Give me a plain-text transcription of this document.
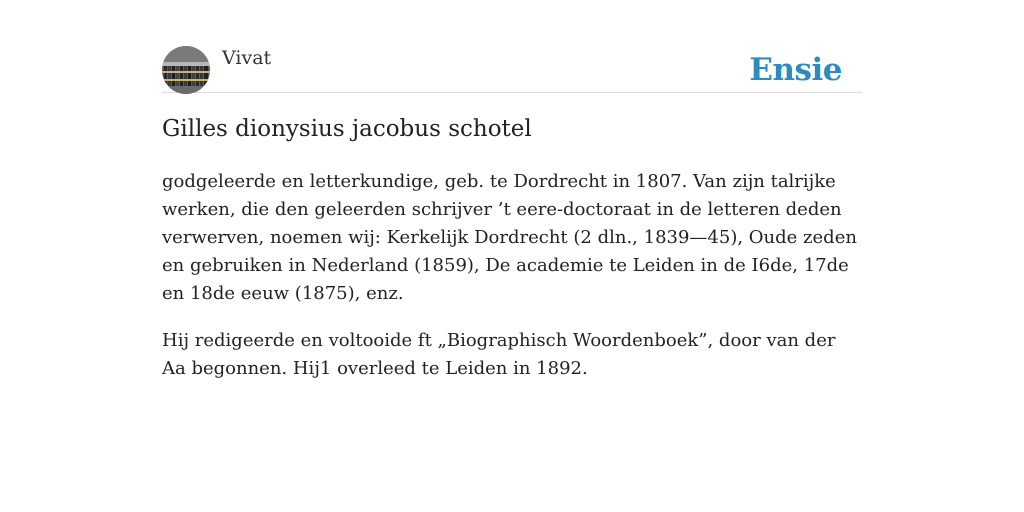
Vivat	Ensie
Gilles dionysius jacobus schotel

godgeleerde en letterkundige, geb. te Dordrecht in 1807. Van zijn talrijke werken, die den geleerden schrijver ’t eere-doctoraat in de letteren deden verwerven, noemen wij: Kerkelijk Dordrecht (2 dln., 1839—45), Oude zeden en gebruiken in Nederland (1859), De academie te Leiden in de I6de, 17de en 18de eeuw (1875), enz.

Hij redigeerde en voltooide ft „Biographisch Woordenboek”, door van der Aa begonnen. Hij1 overleed te Leiden in 1892.
